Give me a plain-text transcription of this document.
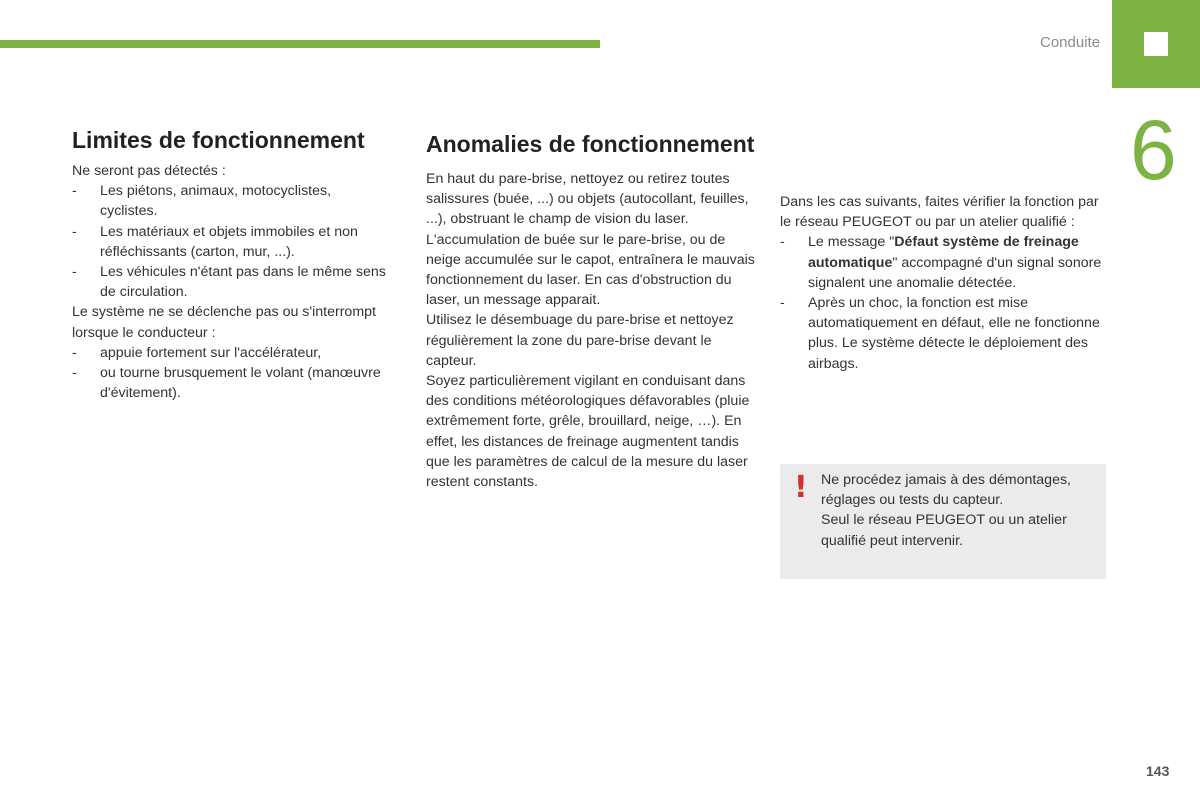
Conduite
6
Limites de fonctionnement

Ne seront pas détectés :

- Les piétons, animaux, motocyclistes, cyclistes.
- Les matériaux et objets immobiles et non réfléchissants (carton, mur, ...).
- Les véhicules n'étant pas dans le même sens de circulation.

Le système ne se déclenche pas ou s'interrompt lorsque le conducteur :

- appuie fortement sur l'accélérateur,
- ou tourne brusquement le volant (manœuvre d'évitement).
Anomalies de fonctionnement

En haut du pare-brise, nettoyez ou retirez toutes salissures (buée, ...) ou objets (autocollant, feuilles, ...), obstruant le champ de vision du laser.

L'accumulation de buée sur le pare-brise, ou de neige accumulée sur le capot, entraînera le mauvais fonctionnement du laser. En cas d'obstruction du laser, un message apparait.

Utilisez le désembuage du pare-brise et nettoyez régulièrement la zone du pare-brise devant le capteur.

Soyez particulièrement vigilant en conduisant dans des conditions météorologiques défavorables (pluie extrêmement forte, grêle, brouillard, neige, …). En effet, les distances de freinage augmentent tandis que les paramètres de calcul de la mesure du laser restent constants.

Dans les cas suivants, faites vérifier la fonction par le réseau PEUGEOT ou par un atelier qualifié :

- Le message "Défaut système de freinage automatique" accompagné d'un signal sonore signalent une anomalie détectée.
- Après un choc, la fonction est mise automatiquement en défaut, elle ne fonctionne plus. Le système détecte le déploiement des airbags.
! Ne procédez jamais à des démontages, réglages ou tests du capteur.

Seul le réseau PEUGEOT ou un atelier qualifié peut intervenir.

143
